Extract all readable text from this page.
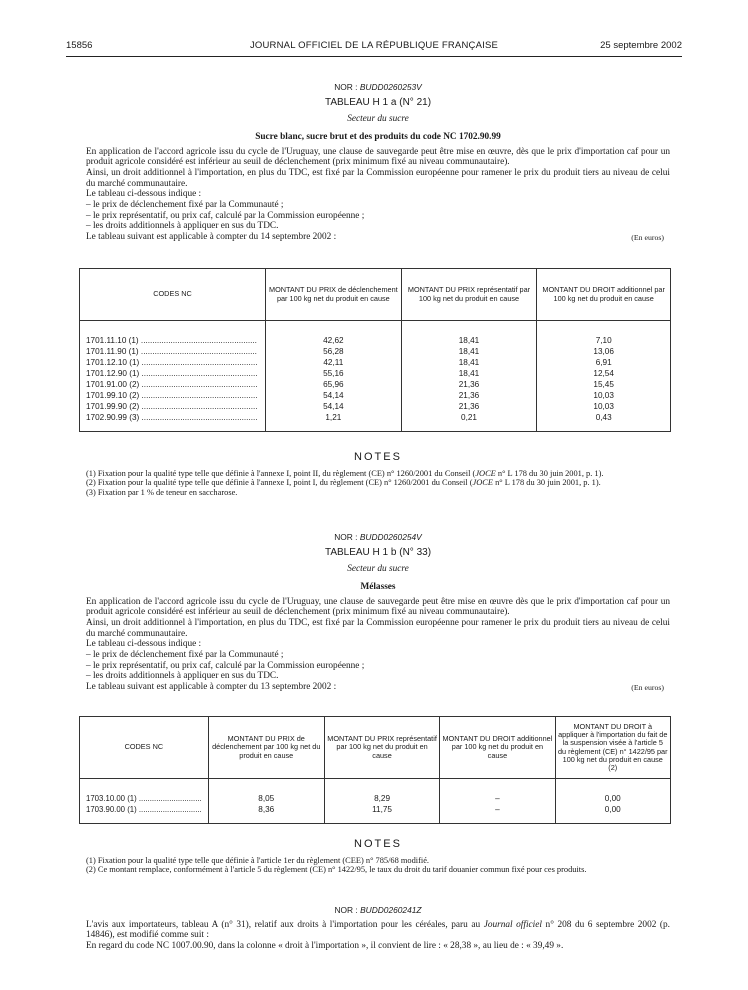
15856	JOURNAL OFFICIEL DE LA RÉPUBLIQUE FRANÇAISE	25 septembre 2002
NOR : BUDD0260253V
TABLEAU H 1 a (N° 21)
Secteur du sucre
Sucre blanc, sucre brut et des produits du code NC 1702.90.99

En application de l'accord agricole issu du cycle de l'Uruguay, une clause de sauvegarde peut être mise en œuvre, dès que le prix d'importation caf pour un produit agricole considéré est inférieur au seuil de déclenchement (prix minimum fixé au niveau communautaire).

Ainsi, un droit additionnel à l'importation, en plus du TDC, est fixé par la Commission européenne pour ramener le prix du produit tiers au niveau de celui du marché communautaire.

Le tableau ci-dessous indique :

– le prix de déclenchement fixé par la Communauté ;

– le prix représentatif, ou prix caf, calculé par la Commission européenne ;

– les droits additionnels à appliquer en sus du TDC.

Le tableau suivant est applicable à compter du 14 septembre 2002 :	(En euros)
CODES NC	MONTANT DU PRIX de déclenchement par 100 kg net du produit en cause	MONTANT DU PRIX représentatif par 100 kg net du produit en cause	MONTANT DU DROIT additionnel par 100 kg net du produit en cause

1701.11.10 (1) ...................................................	42,62	18,41	7,10
1701.11.90 (1) ...................................................	56,28	18,41	13,06
1701.12.10 (1) ...................................................	42,11	18,41	6,91
1701.12.90 (1) ...................................................	55,16	18,41	12,54
1701.91.00 (2) ...................................................	65,96	21,36	15,45
1701.99.10 (2) ...................................................	54,14	21,36	10,03
1701.99.90 (2) ...................................................	54,14	21,36	10,03
1702.90.99 (3) ...................................................	1,21	0,21	0,43
NOTES

(1) Fixation pour la qualité type telle que définie à l'annexe I, point II, du règlement (CE) n° 1260/2001 du Conseil (JOCE n° L 178 du 30 juin 2001, p. 1).

(2) Fixation pour la qualité type telle que définie à l'annexe I, point I, du règlement (CE) n° 1260/2001 du Conseil (JOCE n° L 178 du 30 juin 2001, p. 1).

(3) Fixation par 1 % de teneur en saccharose.

NOR : BUDD0260254V
TABLEAU H 1 b (N° 33)
Secteur du sucre
Mélasses

En application de l'accord agricole issu du cycle de l'Uruguay, une clause de sauvegarde peut être mise en œuvre dès que le prix d'importation caf pour un produit agricole considéré est inférieur au seuil de déclenchement (prix minimum fixé au niveau communautaire).

Ainsi, un droit additionnel à l'importation, en plus du TDC, est fixé par la Commission européenne pour ramener le prix du produit tiers au niveau de celui du marché communautaire.

Le tableau ci-dessous indique :

– le prix de déclenchement fixé par la Communauté ;

– le prix représentatif, ou prix caf, calculé par la Commission européenne ;

– les droits additionnels à appliquer en sus du TDC.

Le tableau suivant est applicable à compter du 13 septembre 2002 :	(En euros)
CODES NC	MONTANT DU PRIX de déclenchement par 100 kg net du produit en cause	MONTANT DU PRIX représentatif par 100 kg net du produit en cause	MONTANT DU DROIT additionnel par 100 kg net du produit en cause	MONTANT DU DROIT à appliquer à l'importation du fait de la suspension visée à l'article 5 du règlement (CE) n° 1422/95 par 100 kg net du produit en cause (2)

1703.10.00 (1) .............................	8,05	8,29	–	0,00
1703.90.00 (1) .............................	8,36	11,75	–	0,00
NOTES

(1) Fixation pour la qualité type telle que définie à l'article 1er du règlement (CEE) n° 785/68 modifié.

(2) Ce montant remplace, conformément à l'article 5 du règlement (CE) n° 1422/95, le taux du droit du tarif douanier commun fixé pour ces produits.

NOR : BUDD0260241Z

L'avis aux importateurs, tableau A (n° 31), relatif aux droits à l'importation pour les céréales, paru au Journal officiel n° 208 du 6 septembre 2002 (p. 14846), est modifié comme suit :

En regard du code NC 1007.00.90, dans la colonne « droit à l'importation », il convient de lire : « 28,38 », au lieu de : « 39,49 ».
